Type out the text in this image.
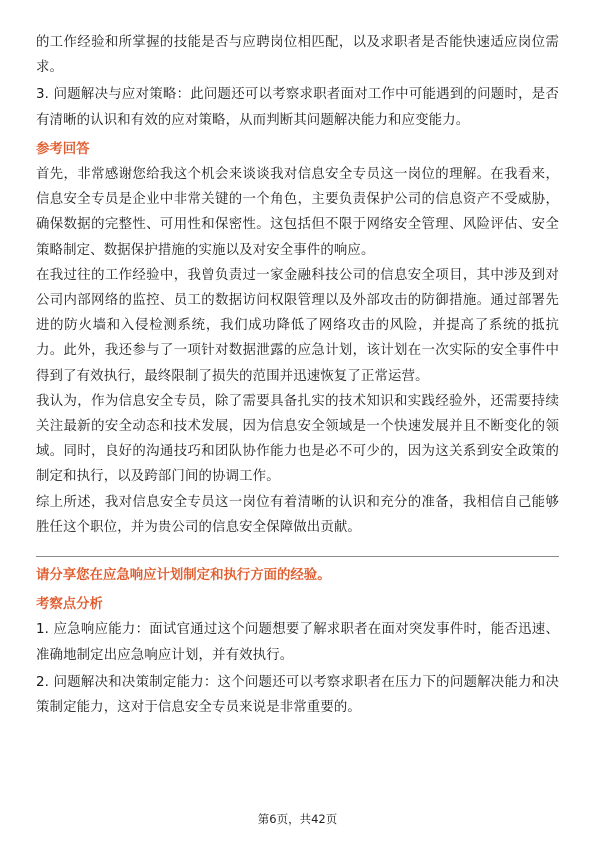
的工作经验和所掌握的技能是否与应聘岗位相匹配，以及求职者是否能快速适应岗位需求。

3. 问题解决与应对策略：此问题还可以考察求职者面对工作中可能遇到的问题时，是否有清晰的认识和有效的应对策略，从而判断其问题解决能力和应变能力。

参考回答

首先，非常感谢您给我这个机会来谈谈我对信息安全专员这一岗位的理解。在我看来，信息安全专员是企业中非常关键的一个角色，主要负责保护公司的信息资产不受威胁，确保数据的完整性、可用性和保密性。这包括但不限于网络安全管理、风险评估、安全策略制定、数据保护措施的实施以及对安全事件的响应。

在我过往的工作经验中，我曾负责过一家金融科技公司的信息安全项目，其中涉及到对公司内部网络的监控、员工的数据访问权限管理以及外部攻击的防御措施。通过部署先进的防火墙和入侵检测系统，我们成功降低了网络攻击的风险，并提高了系统的抵抗力。此外，我还参与了一项针对数据泄露的应急计划，该计划在一次实际的安全事件中得到了有效执行，最终限制了损失的范围并迅速恢复了正常运营。

我认为，作为信息安全专员，除了需要具备扎实的技术知识和实践经验外，还需要持续关注最新的安全动态和技术发展，因为信息安全领域是一个快速发展并且不断变化的领域。同时，良好的沟通技巧和团队协作能力也是必不可少的，因为这关系到安全政策的制定和执行，以及跨部门间的协调工作。

综上所述，我对信息安全专员这一岗位有着清晰的认识和充分的准备，我相信自己能够胜任这个职位，并为贵公司的信息安全保障做出贡献。

请分享您在应急响应计划制定和执行方面的经验。
考察点分析

1. 应急响应能力：面试官通过这个问题想要了解求职者在面对突发事件时，能否迅速、准确地制定出应急响应计划，并有效执行。

2. 问题解决和决策制定能力：这个问题还可以考察求职者在压力下的问题解决能力和决策制定能力，这对于信息安全专员来说是非常重要的。

第6页，共42页
